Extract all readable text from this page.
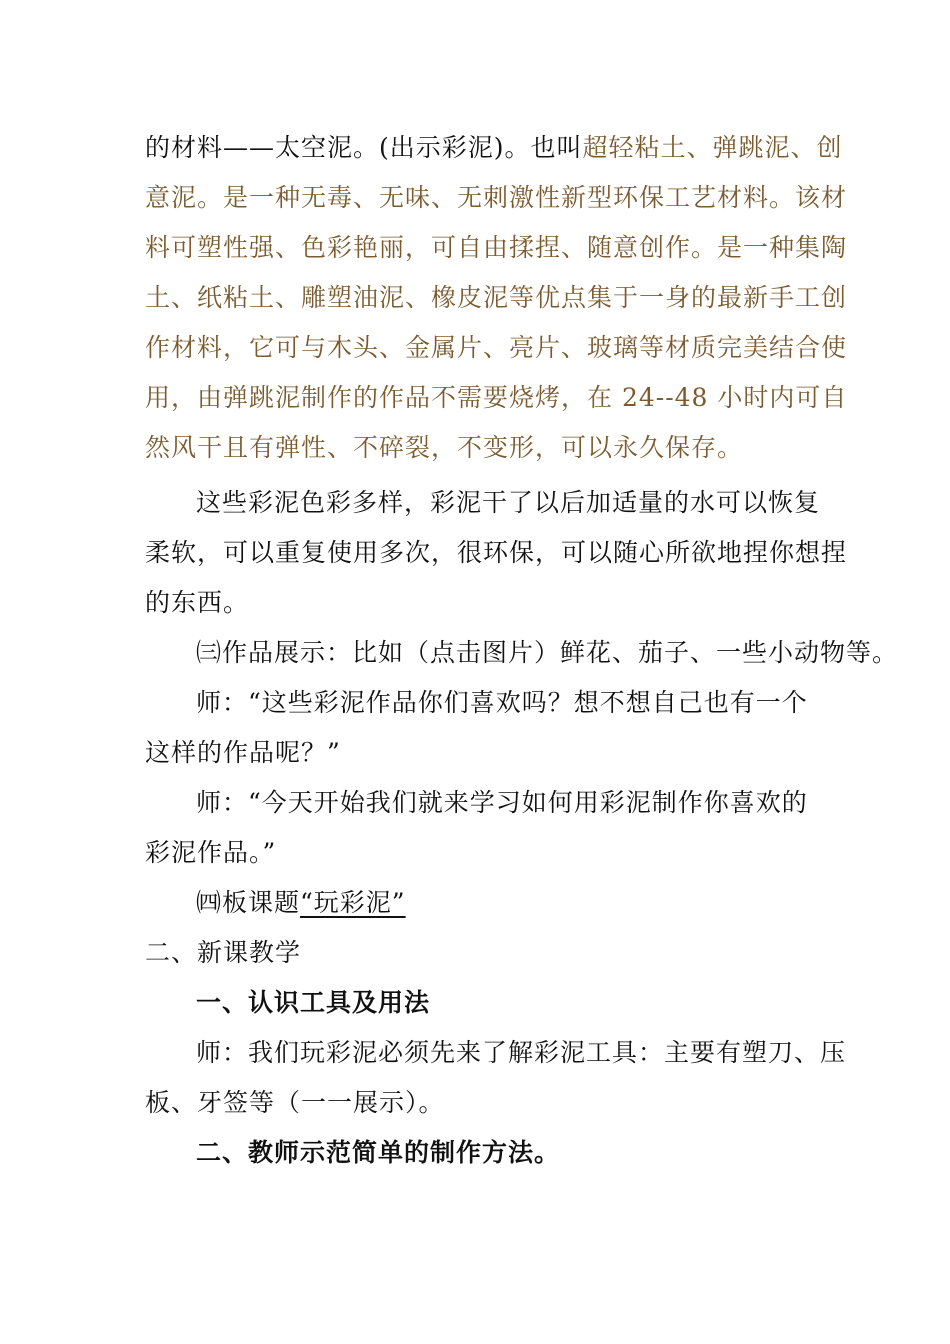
的材料——太空泥。(出示彩泥)。也叫超轻粘土、弹跳泥、创
意泥。是一种无毒、无味、无刺激性新型环保工艺材料。该材
料可塑性强、色彩艳丽，可自由揉捏、随意创作。是一种集陶
土、纸粘土、雕塑油泥、橡皮泥等优点集于一身的最新手工创
作材料，它可与木头、金属片、亮片、玻璃等材质完美结合使
用，由弹跳泥制作的作品不需要烧烤，在 24--48 小时内可自
然风干且有弹性、不碎裂，不变形，可以永久保存。
这些彩泥色彩多样，彩泥干了以后加适量的水可以恢复
柔软，可以重复使用多次，很环保，可以随心所欲地捏你想捏
的东西。
㈢作品展示：比如（点击图片）鲜花、茄子、一些小动物等。
师：“这些彩泥作品你们喜欢吗？想不想自己也有一个
这样的作品呢？”
师：“今天开始我们就来学习如何用彩泥制作你喜欢的
彩泥作品。”
㈣板课题“玩彩泥”
二、新课教学
一、认识工具及用法
师：我们玩彩泥必须先来了解彩泥工具：主要有塑刀、压
板、牙签等（一一展示）。
二、教师示范简单的制作方法。
